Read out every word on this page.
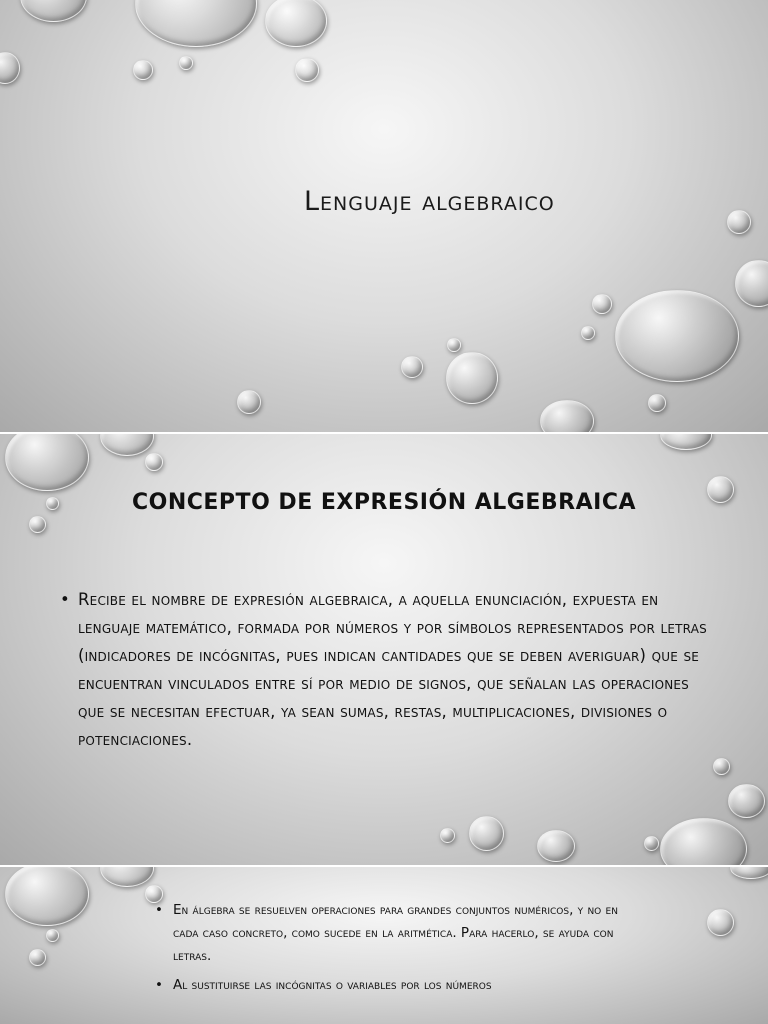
Lenguaje algebraico
CONCEPTO DE EXPRESIÓN ALGEBRAICA
• Recibe el nombre de expresión algebraica, a aquella enunciación, expuesta en lenguaje matemático, formada por números y por símbolos representados por letras (indicadores de incógnitas, pues indican cantidades que se deben averiguar) que se encuentran vinculados entre sí por medio de signos, que señalan las operaciones que se necesitan efectuar, ya sean sumas, restas, multiplicaciones, divisiones o potenciaciones.
• En álgebra se resuelven operaciones para grandes conjuntos numéricos, y no en cada caso concreto, como sucede en la aritmética. Para hacerlo, se ayuda con letras.
• Al sustituirse las incógnitas o variables por los números
